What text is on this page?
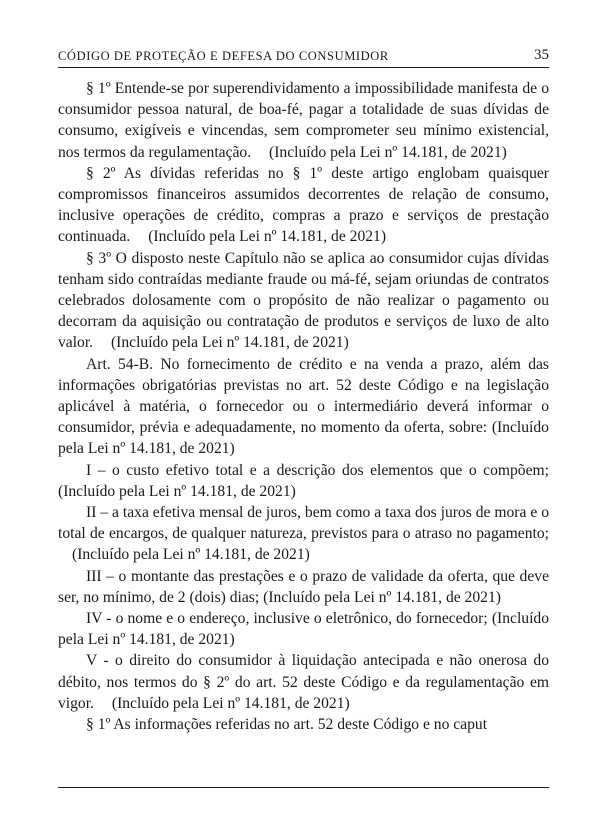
CÓDIGO DE PROTEÇÃO E DEFESA DO CONSUMIDOR	35

§ 1º Entende-se por superendividamento a impossibilidade manifesta de o consumidor pessoa natural, de boa-fé, pagar a totalidade de suas dívidas de consumo, exigíveis e vincendas, sem comprometer seu mínimo existencial, nos termos da regulamentação. (Incluído pela Lei nº 14.181, de 2021)

§ 2º As dívidas referidas no § 1º deste artigo englobam quaisquer compromissos financeiros assumidos decorrentes de relação de consumo, inclusive operações de crédito, compras a prazo e serviços de prestação continuada. (Incluído pela Lei nº 14.181, de 2021)

§ 3º O disposto neste Capítulo não se aplica ao consumidor cujas dívidas tenham sido contraídas mediante fraude ou má-fé, sejam oriundas de contratos celebrados dolosamente com o propósito de não realizar o pagamento ou decorram da aquisição ou contratação de produtos e serviços de luxo de alto valor. (Incluído pela Lei nº 14.181, de 2021)

Art. 54-B. No fornecimento de crédito e na venda a prazo, além das informações obrigatórias previstas no art. 52 deste Código e na legislação aplicável à matéria, o fornecedor ou o intermediário deverá informar o consumidor, prévia e adequadamente, no momento da oferta, sobre: (Incluído pela Lei nº 14.181, de 2021)

I – o custo efetivo total e a descrição dos elementos que o compõem; (Incluído pela Lei nº 14.181, de 2021)

II – a taxa efetiva mensal de juros, bem como a taxa dos juros de mora e o total de encargos, de qualquer natureza, previstos para o atraso no pagamento; (Incluído pela Lei nº 14.181, de 2021)

III – o montante das prestações e o prazo de validade da oferta, que deve ser, no mínimo, de 2 (dois) dias; (Incluído pela Lei nº 14.181, de 2021)

IV - o nome e o endereço, inclusive o eletrônico, do fornecedor; (Incluído pela Lei nº 14.181, de 2021)

V - o direito do consumidor à liquidação antecipada e não onerosa do débito, nos termos do § 2º do art. 52 deste Código e da regulamentação em vigor. (Incluído pela Lei nº 14.181, de 2021)

§ 1º As informações referidas no art. 52 deste Código e no caput
